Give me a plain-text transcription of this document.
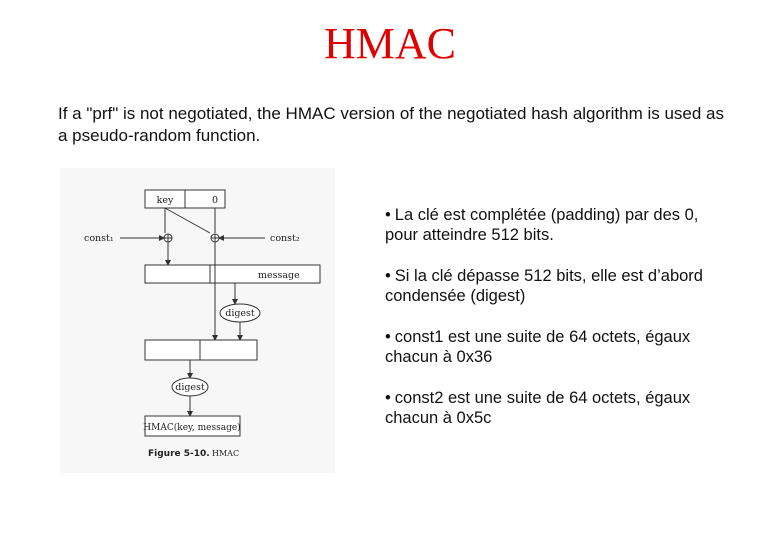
HMAC
If a "prf" is not negotiated, the HMAC version of the negotiated hash algorithm is used as a pseudo-random function.
key	0
const₁	const₂
message
digest
digest
HMAC(key, message)
Figure 5-10. HMAC
• La clé est complétée (padding) par des 0, pour atteindre 512 bits.
• Si la clé dépasse 512 bits, elle est d’abord condensée (digest)
• const1 est une suite de 64 octets, égaux chacun à 0x36
• const2 est une suite de 64 octets, égaux chacun à 0x5c
